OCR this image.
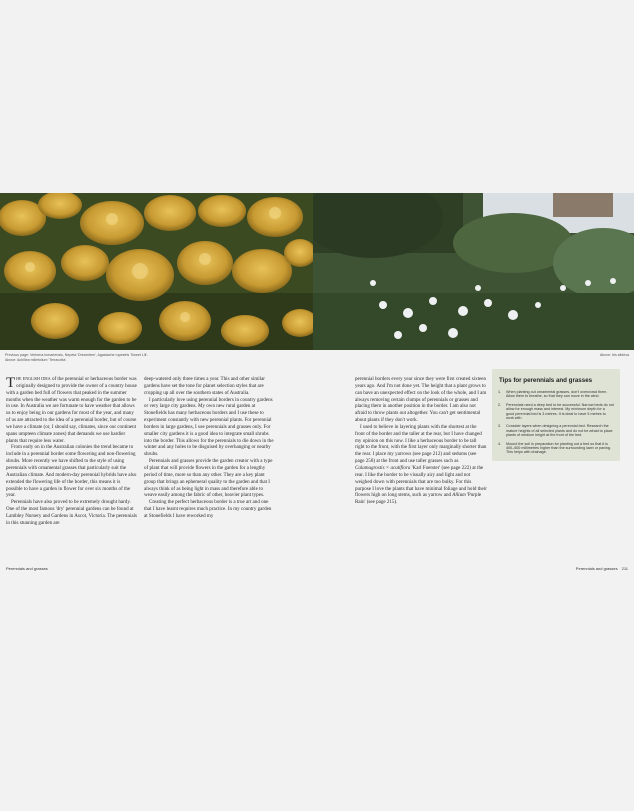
Previous page: Verbena bonariensis, Nepeta 'Dreamtree', Agastache rupestris 'Sweet Lili'.
Above: Achillea millefolium 'Terracotta'.
Above: Iris sibirica

The english idea of the perennial or herbaceous border was originally designed to provide the owner of a country house with a garden bed full of flowers that peaked in the summer months when the weather was warm enough for the garden to be in use. In Australia we are fortunate to have weather that allows us to enjoy being in our gardens for most of the year, and many of us are attracted to the idea of a perennial border, but of course we have a climate (or, I should say, climates, since our continent spans umpteen climate zones) that demands we use hardier plants that require less water.

From early on in the Australian colonies the trend became to include in a perennial border some flowering and non-flowering shrubs. More recently we have shifted to the style of using perennials with ornamental grasses that particularly suit the Australian climate. And modern-day perennial hybrids have also extended the flowering life of the border, this means it is possible to have a garden in flower for over six months of the year.

Perennials have also proved to be extremely drought hardy. One of the most famous 'dry' perennial gardens can be found at Lambley Nursery and Gardens in Ascot, Victoria. The perennials in this stunning garden are

deep-watered only three times a year. This and other similar gardens have set the tone for planet selection styles that are cropping up all over the southern states of Australia.

I particularly love using perennial borders in country gardens or very large city gardens. My own new rural garden at Stonefields has many herbaceous borders and I use these to experiment constantly with new perennial plants. For perennial borders in large gardens, I use perennials and grasses only. For smaller city gardens it is a good idea to integrate small shrubs into the border. This allows for the perennials to die down in the winter and any holes to be disguised by overhanging or nearby shrubs.

Perennials and grasses provide the garden creator with a type of plant that will provide flowers in the garden for a lengthy period of time, more so than any other. They are a key plant group that brings an ephemeral quality to the garden and that I always think of as being light in mass and therefore able to weave easily among the fabric of other, heavier plant types.

Creating the perfect herbaceous border is a true art and one that I have learnt requires much practice. In my country garden at Stonefields I have reworked my

perennial borders every year since they were first created sixteen years ago. And I'm not done yet. The height that a plant grows to can have an unexpected effect on the look of the whole, and I am always removing certain clumps of perennials or grasses and placing them in another position in the border. I am also not afraid to throw plants out altogether. You can't get sentimental about plants if they don't work.

I used to believe in layering plants with the shortest at the front of the border and the taller at the rear, but I have changed my opinion on this now. I like a herbaceous border to be tall right to the front, with the first layer only marginally shorter than the rear. I place my yarrows (see page 212) and sedums (see page 258) at the front and use taller grasses such as Calamagrostis × acutiflora 'Karl Foerster' (see page 222) at the rear. I like the border to be visually airy and light and not weighed down with perennials that are too bulky. For this purpose I love the plants that have minimal foliage and hold their flowers high on long stems, such as yarrow and Allium 'Purple Rain' (see page 215).

Tips for perennials and grasses
1.	When planting out ornamental grasses, don't overcrowd them. Allow them to breathe, so that they can move in the wind.
2.	Perennials need a deep bed to be successful. Narrow beds do not allow for enough mass and interest. My minimum depth for a good perennial bed is 3 metres. It is ideal to have 5 metres to work with.
3.	Consider layers when designing a perennial bed. Research the mature heights of all selected plants and do not be afraid to place plants of medium height at the front of the bed.
4.	Mound the soil in preparation for planting out a bed so that it is 400–500 millimetres higher than the surrounding lawn or paving. This helps with drainage.
Perennials and grasses	Perennials and grasses 211
